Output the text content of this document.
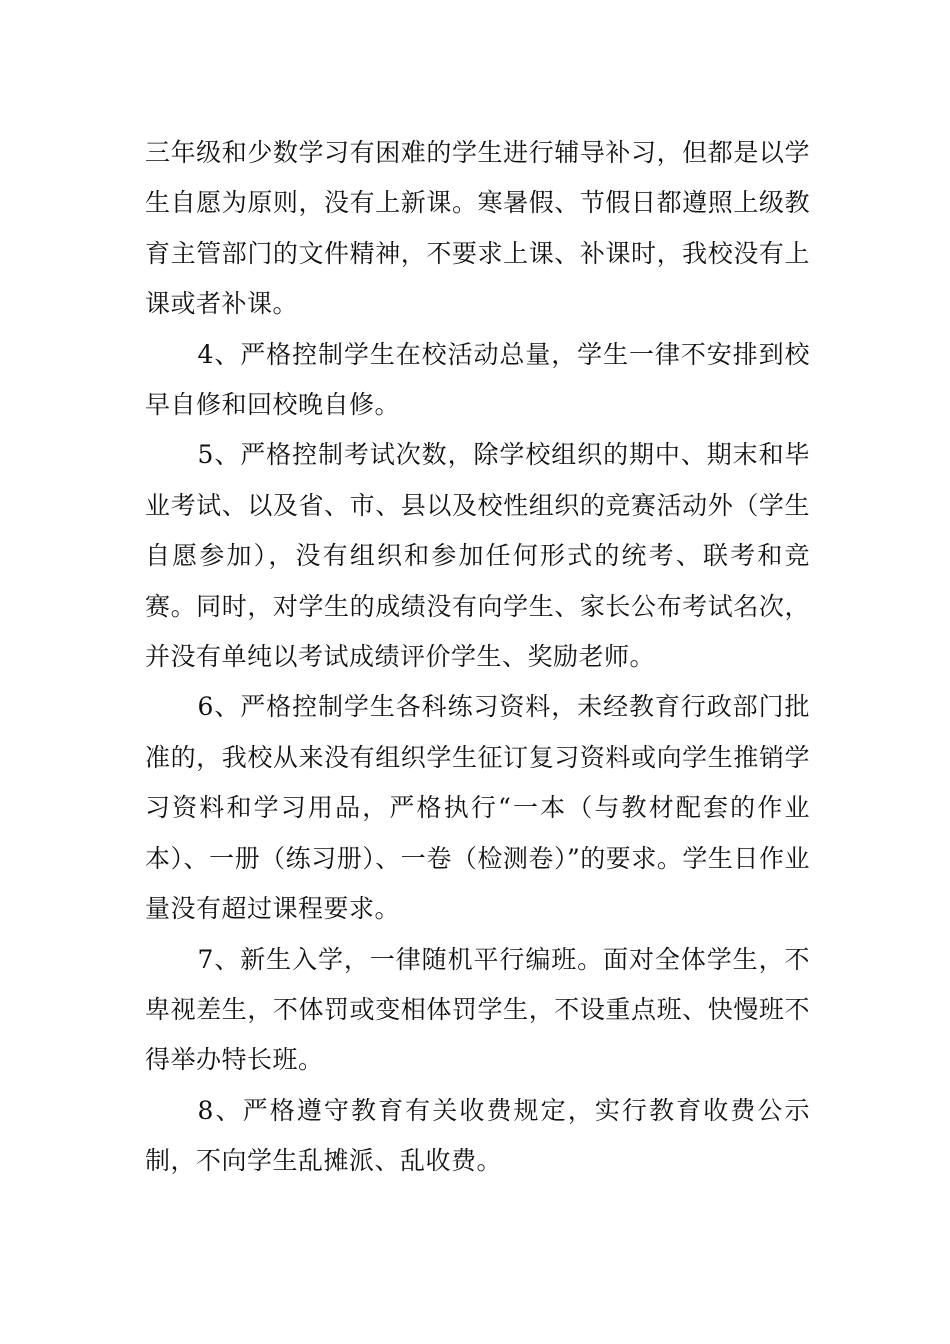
三年级和少数学习有困难的学生进行辅导补习，但都是以学生自愿为原则，没有上新课。寒暑假、节假日都遵照上级教育主管部门的文件精神，不要求上课、补课时，我校没有上课或者补课。

4、严格控制学生在校活动总量，学生一律不安排到校早自修和回校晚自修。

5、严格控制考试次数，除学校组织的期中、期末和毕业考试、以及省、市、县以及校性组织的竞赛活动外（学生自愿参加），没有组织和参加任何形式的统考、联考和竞赛。同时，对学生的成绩没有向学生、家长公布考试名次，并没有单纯以考试成绩评价学生、奖励老师。

6、严格控制学生各科练习资料，未经教育行政部门批准的，我校从来没有组织学生征订复习资料或向学生推销学习资料和学习用品，严格执行“一本（与教材配套的作业本）、一册（练习册）、一卷（检测卷）”的要求。学生日作业量没有超过课程要求。

7、新生入学，一律随机平行编班。面对全体学生，不卑视差生，不体罚或变相体罚学生，不设重点班、快慢班不得举办特长班。

8、严格遵守教育有关收费规定，实行教育收费公示制，不向学生乱摊派、乱收费。
